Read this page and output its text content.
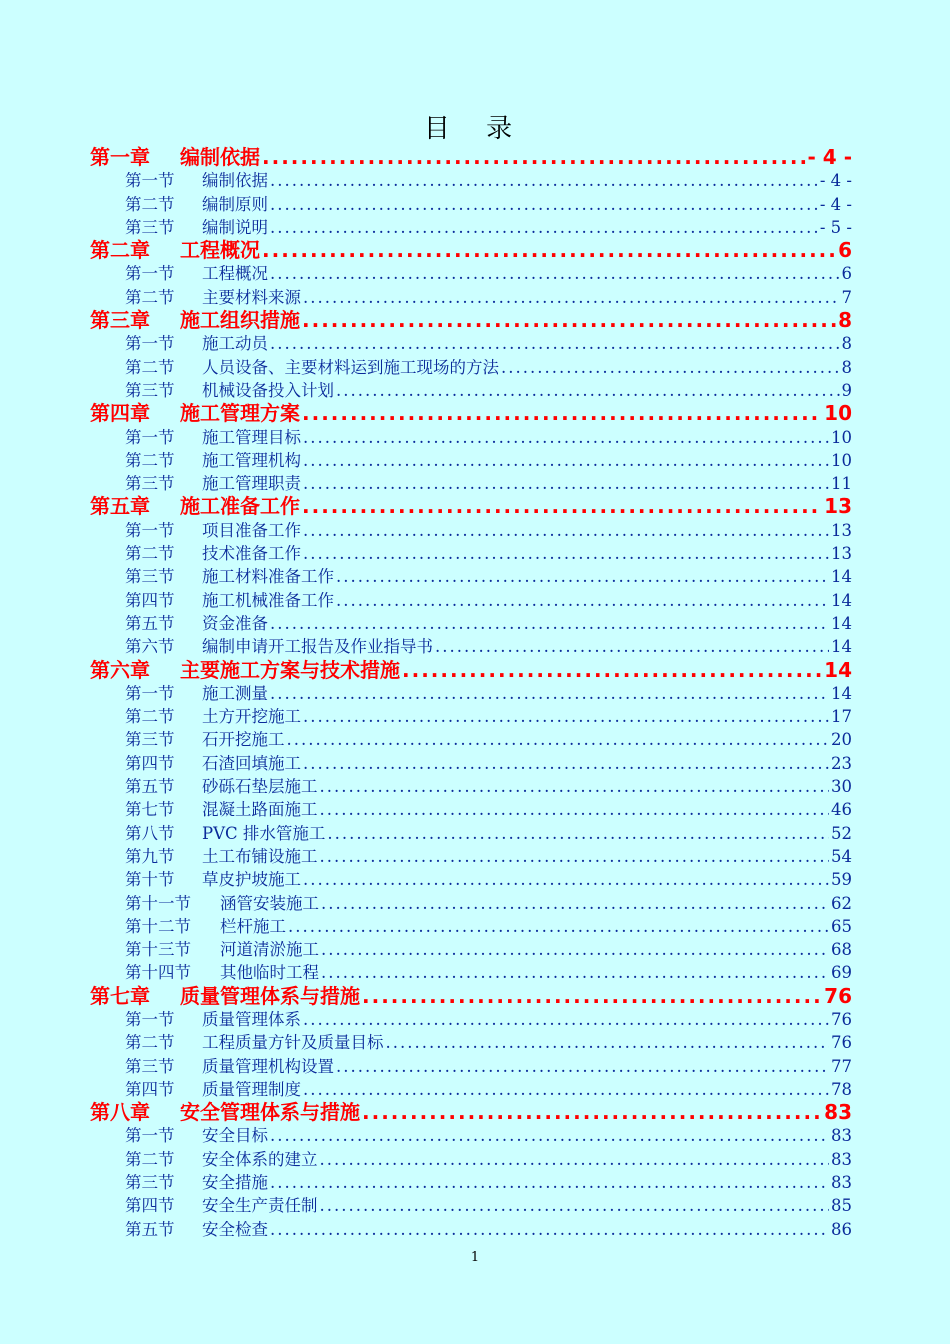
目 录
第一章	编制依据 .....	- 4 -
第一节	编制依据 .....	- 4 -
第二节	编制原则 .....	- 4 -
第三节	编制说明 .....	- 5 -
第二章	工程概况 .....	6
第一节	工程概况 .....	6
第二节	主要材料来源 .....	7
第三章	施工组织措施 .....	8
第一节	施工动员 .....	8
第二节	人员设备、主要材料运到施工现场的方法 .....	8
第三节	机械设备投入计划 .....	9
第四章	施工管理方案 .....	10
第一节	施工管理目标 .....	10
第二节	施工管理机构 .....	10
第三节	施工管理职责 .....	11
第五章	施工准备工作 .....	13
第一节	项目准备工作 .....	13
第二节	技术准备工作 .....	13
第三节	施工材料准备工作 .....	14
第四节	施工机械准备工作 .....	14
第五节	资金准备 .....	14
第六节	编制申请开工报告及作业指导书 .....	14
第六章	主要施工方案与技术措施 .....	14
第一节	施工测量 .....	14
第二节	土方开挖施工 .....	17
第三节	石开挖施工 .....	20
第四节	石渣回填施工 .....	23
第五节	砂砾石垫层施工 .....	30
第七节	混凝土路面施工 .....	46
第八节	PVC 排水管施工 .....	52
第九节	土工布铺设施工 .....	54
第十节	草皮护坡施工 .....	59
第十一节	涵管安装施工 .....	62
第十二节	栏杆施工 .....	65
第十三节	河道清淤施工 .....	68
第十四节	其他临时工程 .....	69
第七章	质量管理体系与措施 .....	76
第一节	质量管理体系 .....	76
第二节	工程质量方针及质量目标 .....	76
第三节	质量管理机构设置 .....	77
第四节	质量管理制度 .....	78
第八章	安全管理体系与措施 .....	83
第一节	安全目标 .....	83
第二节	安全体系的建立 .....	83
第三节	安全措施 .....	83
第四节	安全生产责任制 .....	85
第五节	安全检查 .....	86
1
